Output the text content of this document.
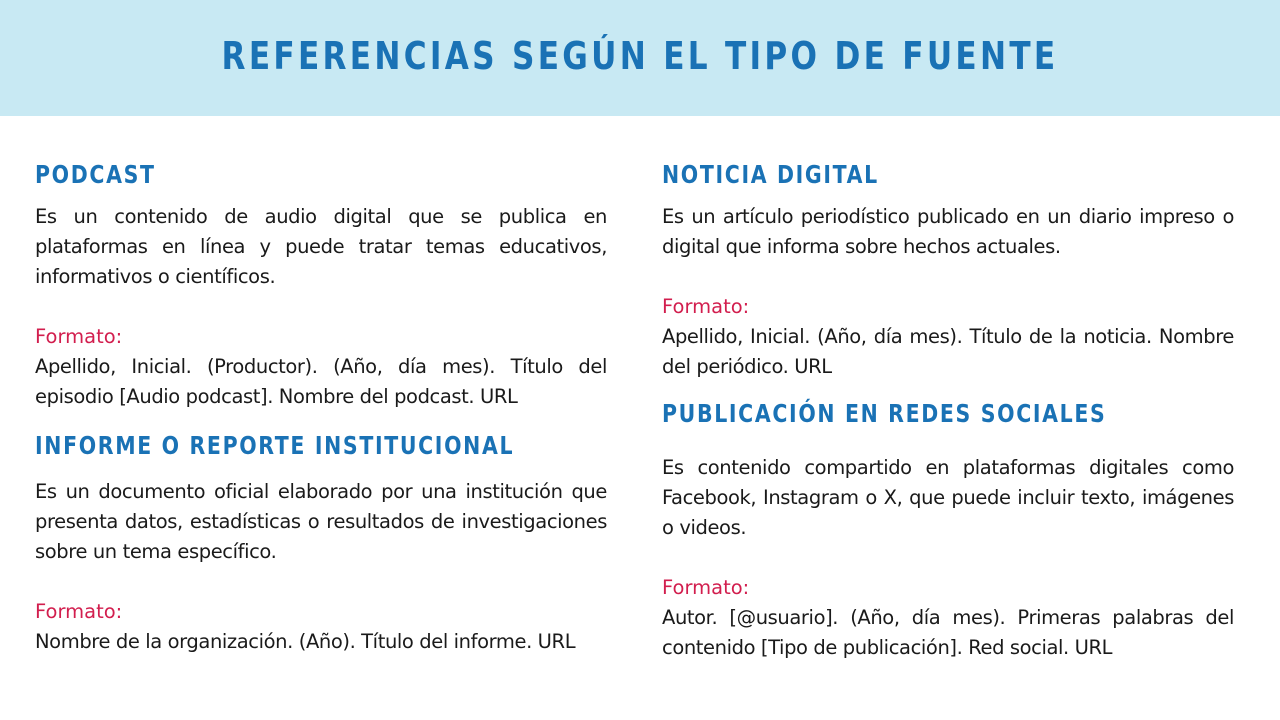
REFERENCIAS SEGÚN EL TIPO DE FUENTE
PODCAST

Es un contenido de audio digital que se publica en plataformas en línea y puede tratar temas educativos, informativos o científicos.

Formato:

Apellido, Inicial. (Productor). (Año, día mes). Título del episodio [Audio podcast]. Nombre del podcast. URL

INFORME O REPORTE INSTITUCIONAL

Es un documento oficial elaborado por una institución que presenta datos, estadísticas o resultados de investigaciones sobre un tema específico.

Formato:

Nombre de la organización. (Año). Título del informe. URL

NOTICIA DIGITAL

Es un artículo periodístico publicado en un diario impreso o digital que informa sobre hechos actuales.

Formato:

Apellido, Inicial. (Año, día mes). Título de la noticia. Nombre del periódico. URL

PUBLICACIÓN EN REDES SOCIALES

Es contenido compartido en plataformas digitales como Facebook, Instagram o X, que puede incluir texto, imágenes o videos.

Formato:

Autor. [@usuario]. (Año, día mes). Primeras palabras del contenido [Tipo de publicación]. Red social. URL
